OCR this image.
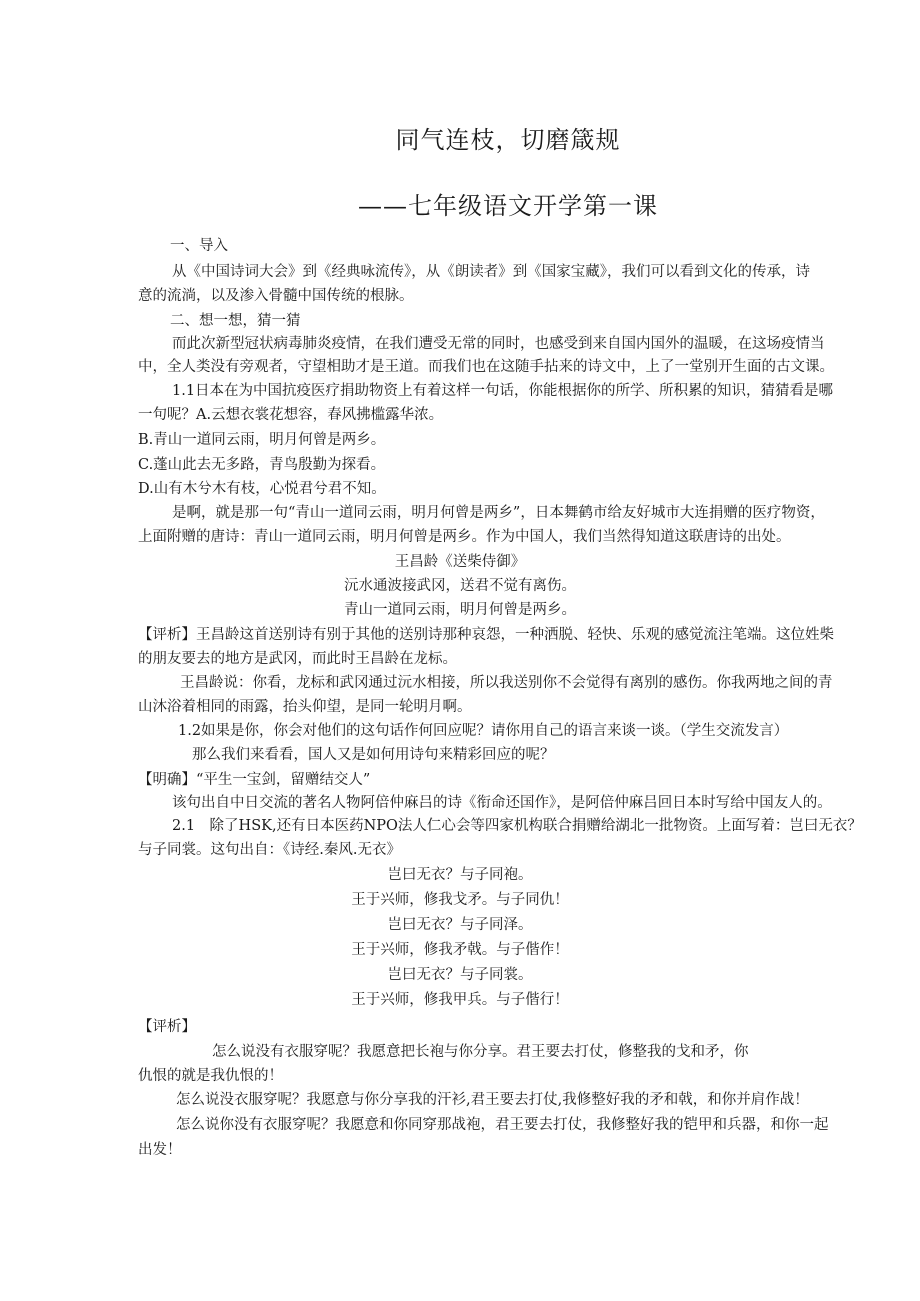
同气连枝，切磨箴规
——七年级语文开学第一课
一、导入
从《中国诗词大会》到《经典咏流传》，从《朗读者》到《国家宝藏》，我们可以看到文化的传承，诗
意的流淌，以及渗入骨髓中国传统的根脉。
二、想一想，猜一猜
而此次新型冠状病毒肺炎疫情，在我们遭受无常的同时，也感受到来自国内国外的温暖，在这场疫情当
中，全人类没有旁观者，守望相助才是王道。而我们也在这随手拈来的诗文中，上了一堂别开生面的古文课。
1.1日本在为中国抗疫医疗捐助物资上有着这样一句话，你能根据你的所学、所积累的知识，猜猜看是哪
一句呢？A.云想衣裳花想容，春风拂槛露华浓。
B.青山一道同云雨，明月何曾是两乡。
C.蓬山此去无多路，青鸟殷勤为探看。
D.山有木兮木有枝，心悦君兮君不知。
是啊，就是那一句“青山一道同云雨，明月何曾是两乡”，日本舞鹤市给友好城市大连捐赠的医疗物资，
上面附赠的唐诗：青山一道同云雨，明月何曾是两乡。作为中国人，我们当然得知道这联唐诗的出处。
王昌龄《送柴侍御》
沅水通波接武冈，送君不觉有离伤。
青山一道同云雨，明月何曾是两乡。
【评析】王昌龄这首送别诗有别于其他的送别诗那种哀怨，一种洒脱、轻快、乐观的感觉流注笔端。这位姓柴
的朋友要去的地方是武冈，而此时王昌龄在龙标。
王昌龄说：你看，龙标和武冈通过沅水相接，所以我送别你不会觉得有离别的感伤。你我两地之间的青
山沐浴着相同的雨露，抬头仰望，是同一轮明月啊。
1.2如果是你，你会对他们的这句话作何回应呢？请你用自己的语言来谈一谈。（学生交流发言）
那么我们来看看，国人又是如何用诗句来精彩回应的呢？
【明确】“平生一宝剑，留赠结交人”
该句出自中日交流的著名人物阿倍仲麻吕的诗《衔命还国作》，是阿倍仲麻吕回日本时写给中国友人的。
2.1　除了HSK,还有日本医药NPO法人仁心会等四家机构联合捐赠给湖北一批物资。上面写着：岂曰无衣？
与子同裳。这句出自：《诗经.秦风.无衣》
岂曰无衣？与子同袍。
王于兴师，修我戈矛。与子同仇！
岂曰无衣？与子同泽。
王于兴师，修我矛戟。与子偕作！
岂曰无衣？与子同裳。
王于兴师，修我甲兵。与子偕行！
【评析】
怎么说没有衣服穿呢？我愿意把长袍与你分享。君王要去打仗，修整我的戈和矛，你
仇恨的就是我仇恨的！
怎么说没衣服穿呢？我愿意与你分享我的汗衫,君王要去打仗,我修整好我的矛和戟，和你并肩作战！
怎么说你没有衣服穿呢？我愿意和你同穿那战袍，君王要去打仗，我修整好我的铠甲和兵器，和你一起
出发！
